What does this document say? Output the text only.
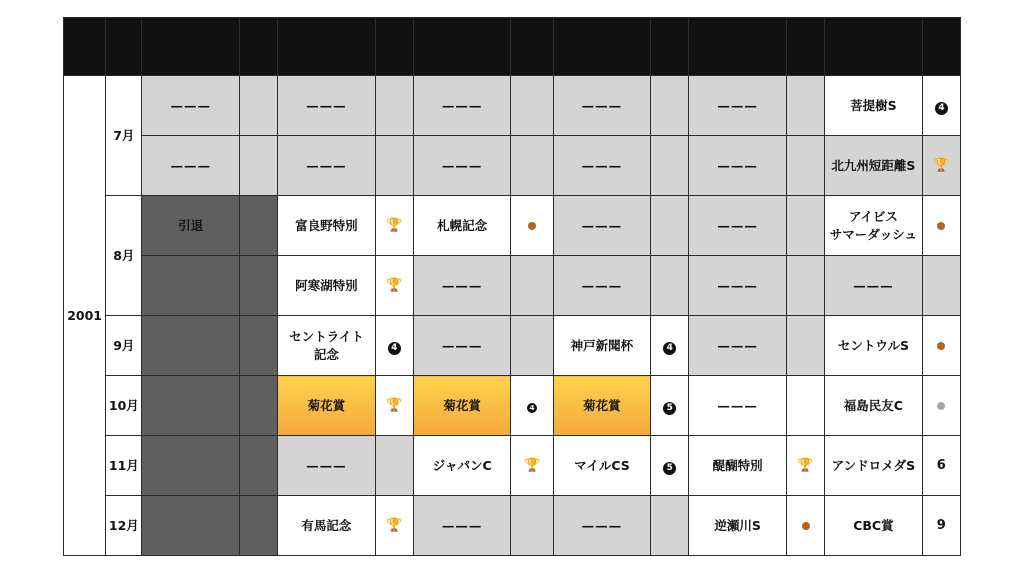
		アグネス
タキオン	着順	マンハッタン
カフェ	着順	ジャングル
ポケット	着順	ダンツフレーム	着順	ビリーヴ	着順	カルストン
ライトオ	着順
2001	7月	———		———		———		———		———		菩提樹S	4
		———		———		———		———		———		北九州短距離S	🏆
	8月	引退		富良野特別	🏆	札幌記念		———		———		アイビス
サマーダッシュ	
				阿寒湖特別	🏆	———		———		———		———	
	9月			セントライト
記念	4	———		神戸新聞杯	4	———		セントウルS	
	10月			菊花賞	🏆	菊花賞	4	菊花賞	5	———		福島民友C	
	11月			———		ジャパンC	🏆	マイルCS	5	醍醐特別	🏆	アンドロメダS	6
	12月			有馬記念	🏆	———		———		逆瀬川S		CBC賞	9
